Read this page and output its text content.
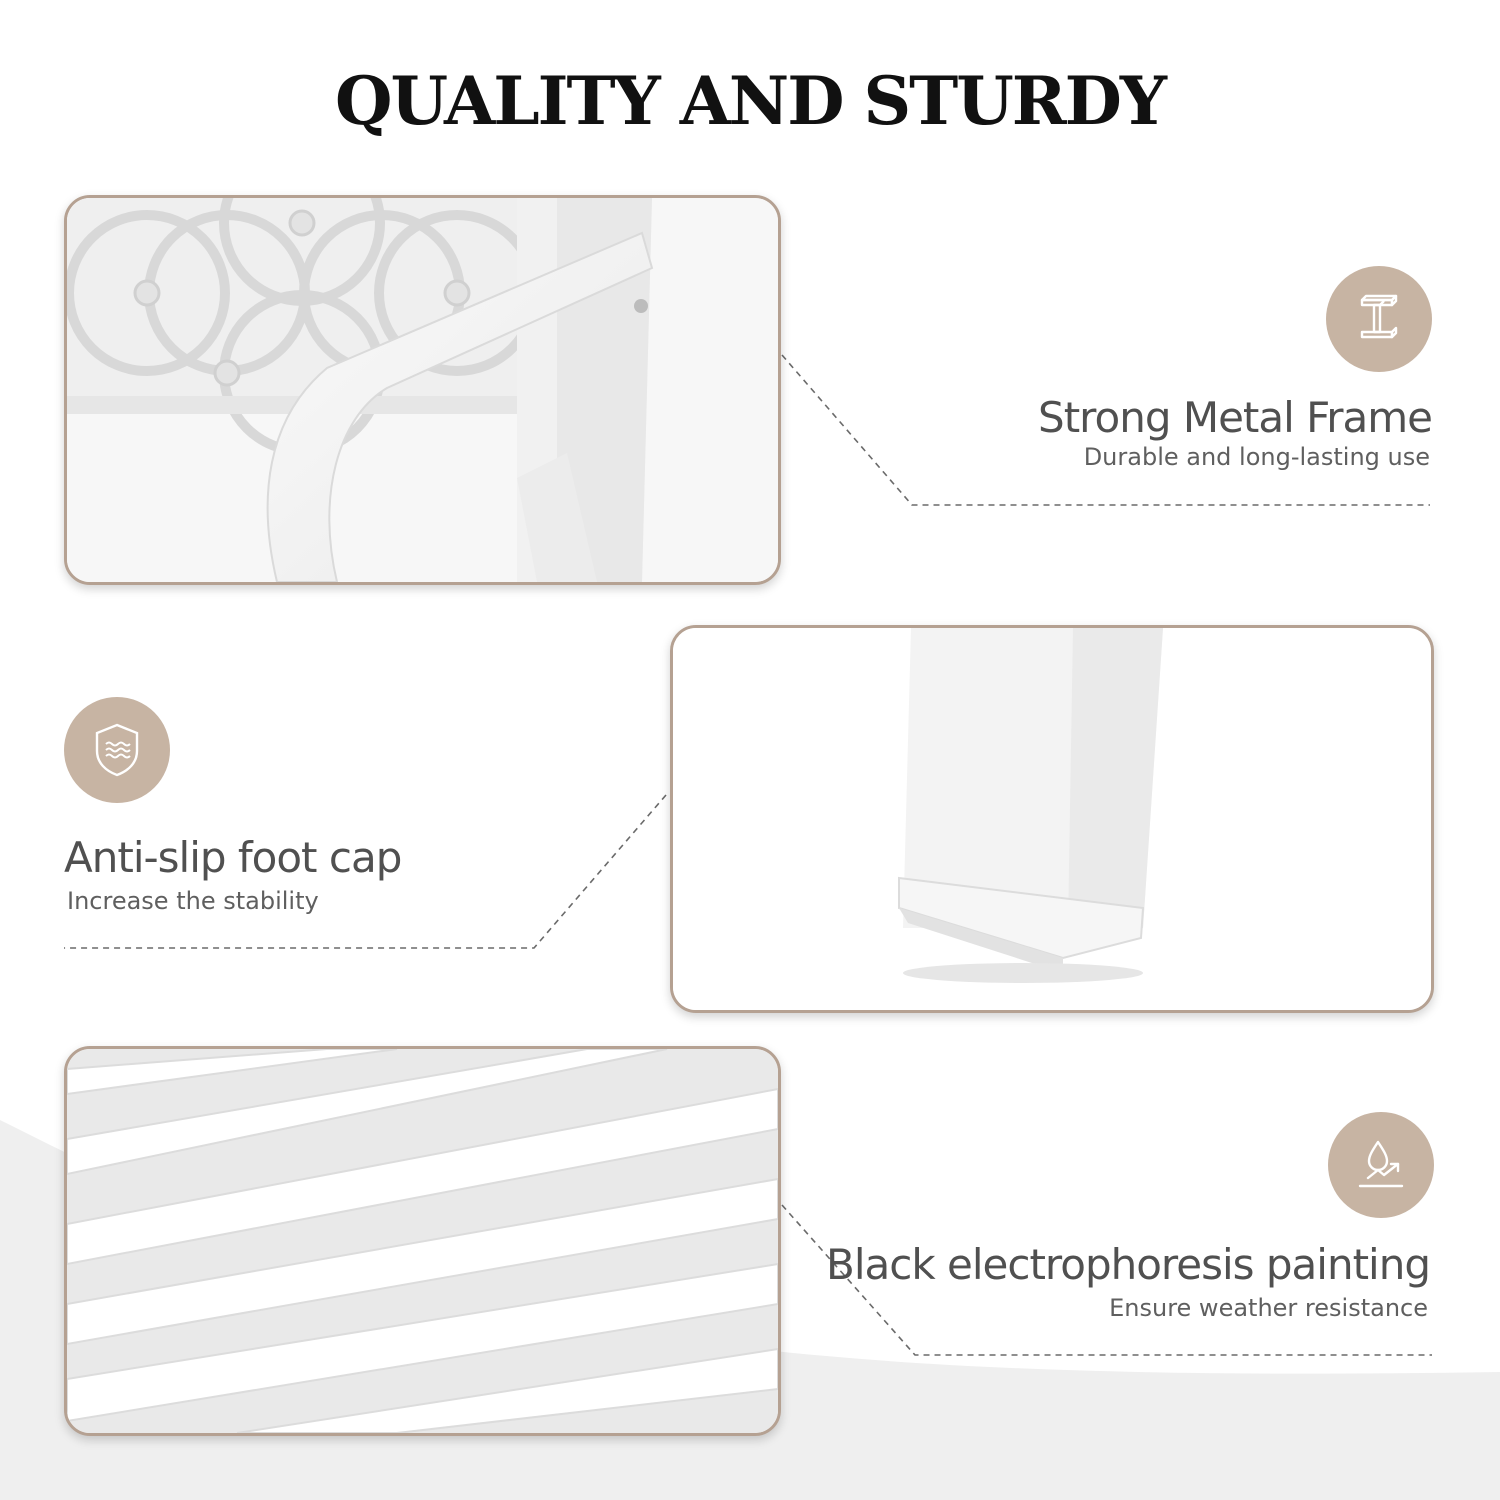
QUALITY AND STURDY
Strong Metal Frame
Durable and long-lasting use
Anti-slip foot cap
Increase the stability
Black electrophoresis painting
Ensure weather resistance
